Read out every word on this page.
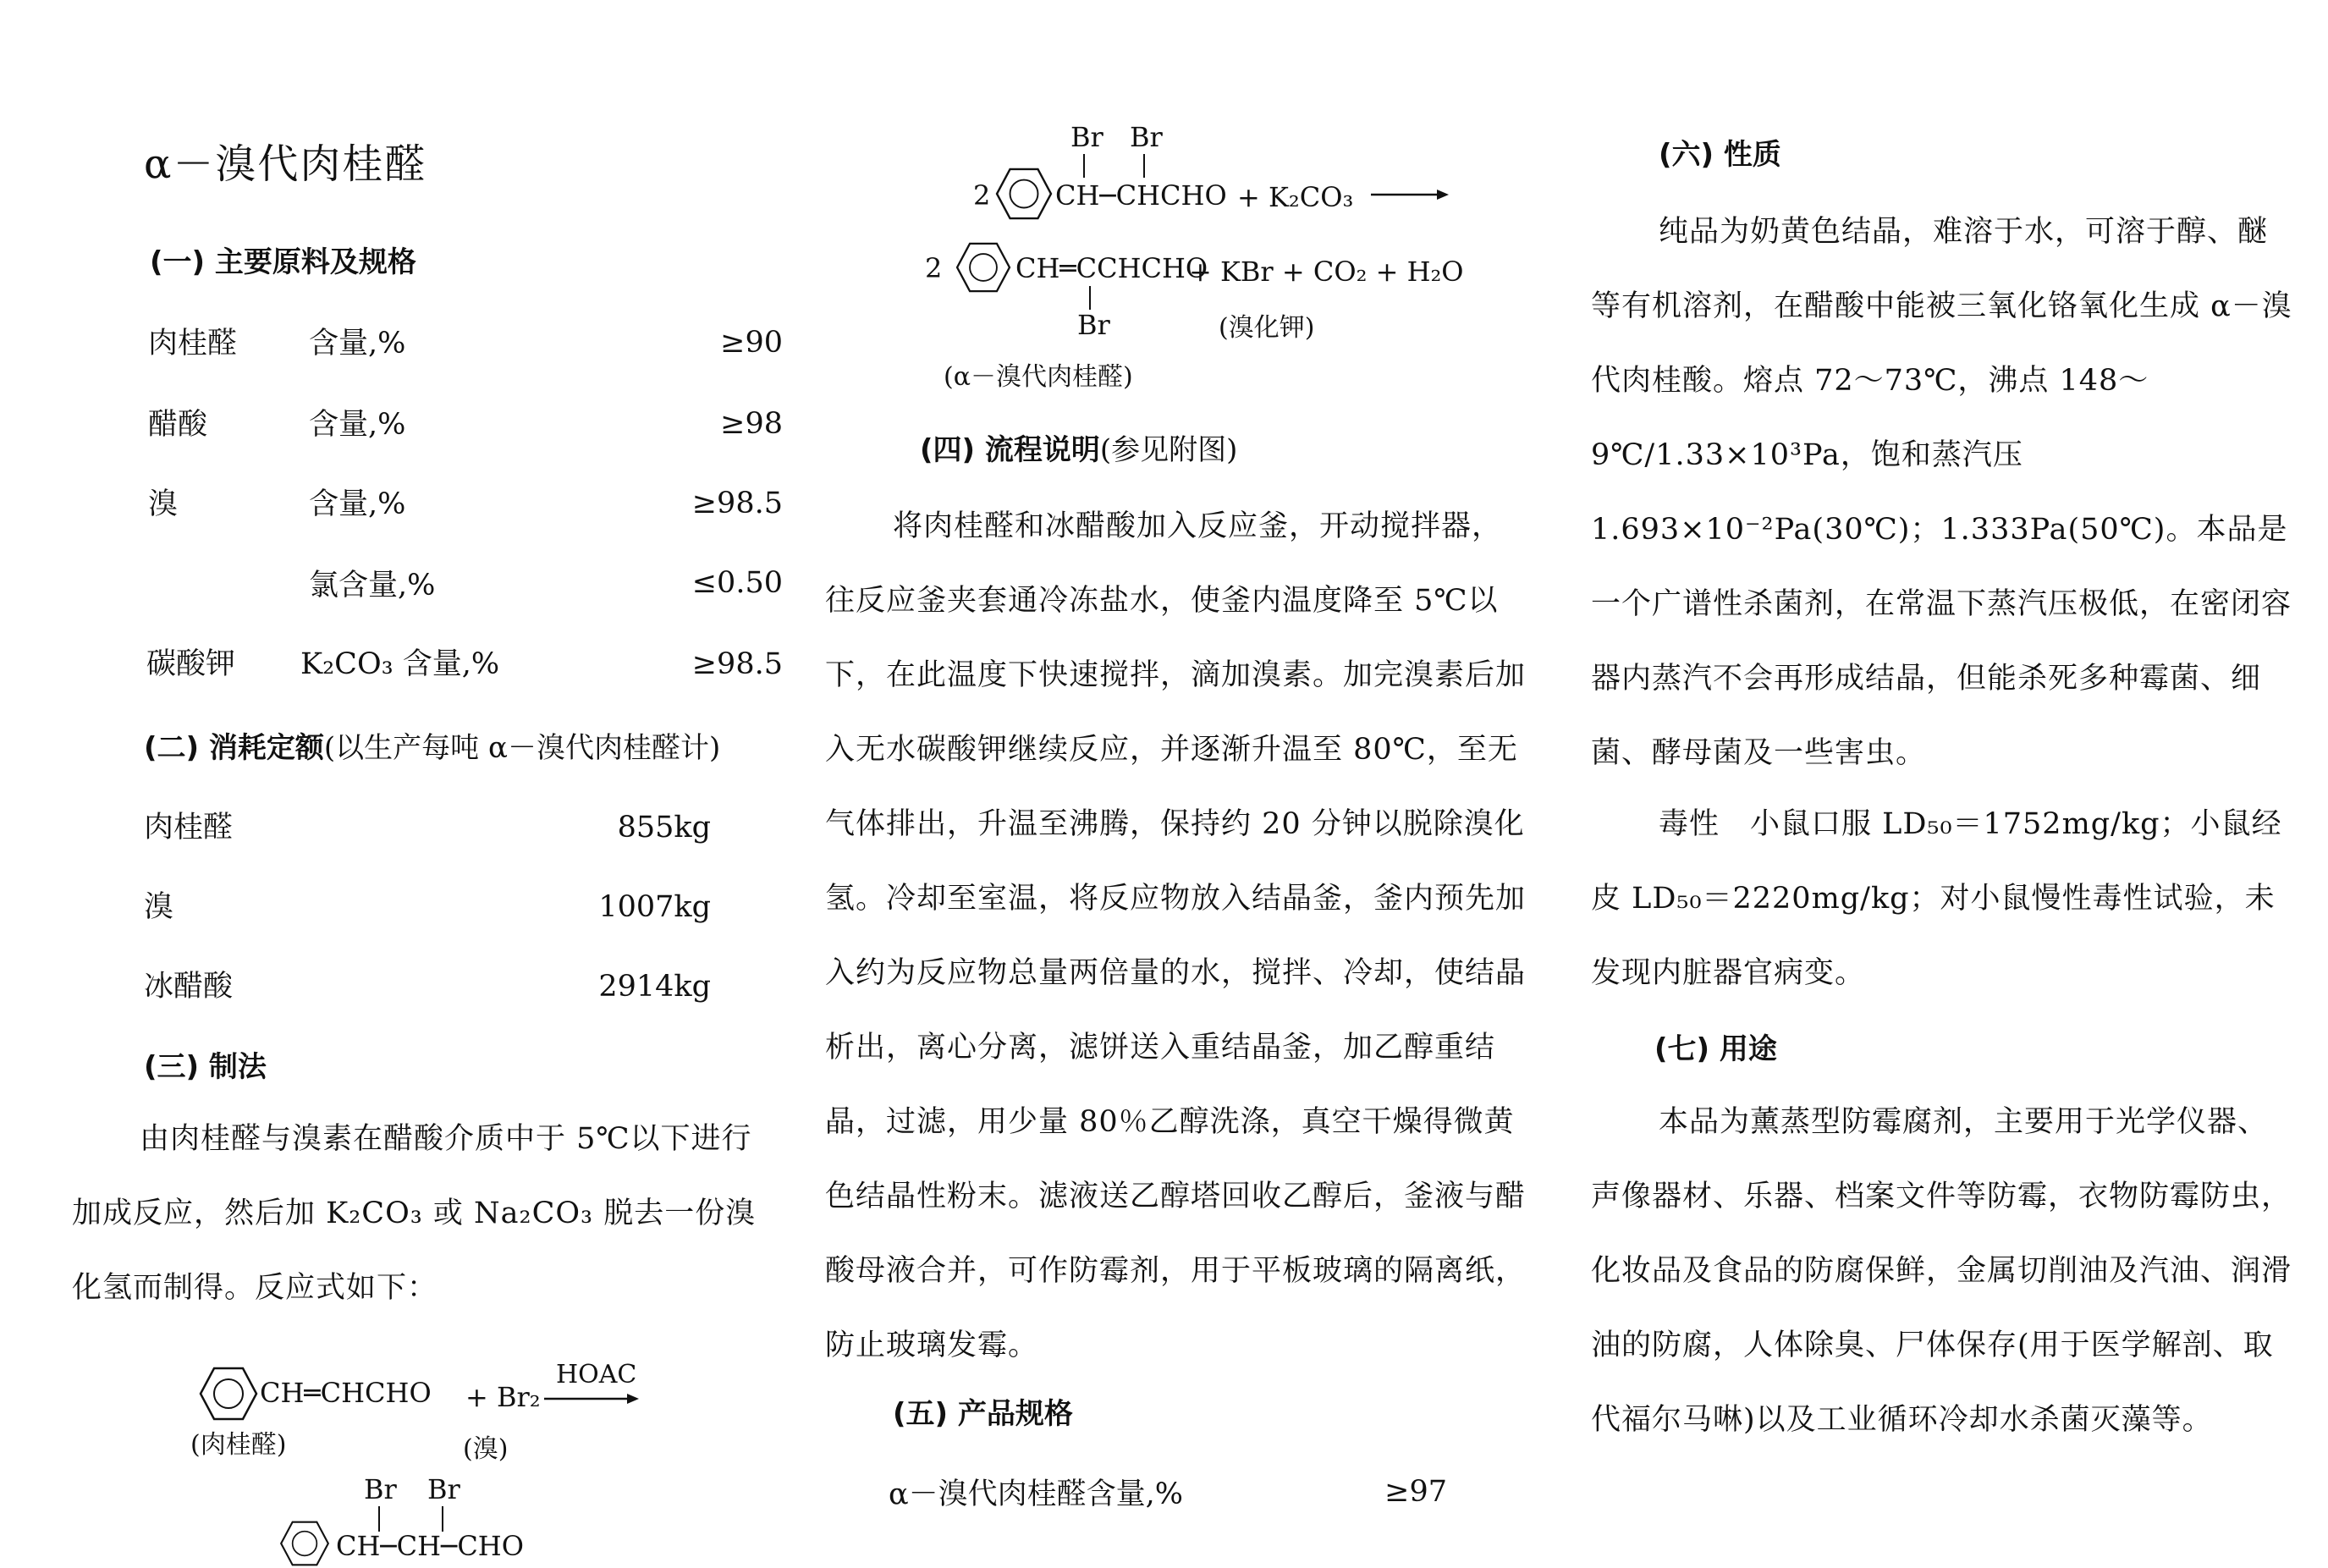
α－溴代肉桂醛
(一) 主要原料及规格
肉桂醛 含量,%	≥90
醋酸	含量,%	≥98
溴	含量,%	≥98.5
氯含量,%	≤0.50
碳酸钾 K₂CO₃ 含量,%	≥98.5
(二) 消耗定额(以生产每吨 α－溴代肉桂醛计)
肉桂醛	855kg
溴	1007kg
冰醋酸	2914kg
(三) 制法
由肉桂醛与溴素在醋酸介质中于 5℃以下进行加成反应，然后加 K₂CO₃ 或 Na₂CO₃ 脱去一份溴化氢而制得。反应式如下：
CH═CHCHO + Br₂
HOAC
(肉桂醛)	(溴)
Br Br
CH─CH─CHO
Br Br
2 CH─CHCHO + K₂CO₃
2	CH═CCHCHO
+ KBr + CO₂ + H₂O
Br	(溴化钾)
(α－溴代肉桂醛)
(四) 流程说明(参见附图)
将肉桂醛和冰醋酸加入反应釜，开动搅拌器，往反应釜夹套通冷冻盐水，使釜内温度降至 5℃以下，在此温度下快速搅拌，滴加溴素。加完溴素后加入无水碳酸钾继续反应，并逐渐升温至 80℃，至无气体排出，升温至沸腾，保持约 20 分钟以脱除溴化氢。冷却至室温，将反应物放入结晶釜，釜内预先加入约为反应物总量两倍量的水，搅拌、冷却，使结晶析出，离心分离，滤饼送入重结晶釜，加乙醇重结晶，过滤，用少量 80％乙醇洗涤，真空干燥得微黄色结晶性粉末。滤液送乙醇塔回收乙醇后，釜液与醋酸母液合并，可作防霉剂，用于平板玻璃的隔离纸，防止玻璃发霉。
(五) 产品规格
α－溴代肉桂醛含量,%	≥97
(六) 性质
纯品为奶黄色结晶，难溶于水，可溶于醇、醚等有机溶剂，在醋酸中能被三氧化铬氧化生成 α－溴代肉桂酸。熔点 72～73℃，沸点 148～9℃/1.33×10³Pa，饱和蒸汽压 1.693×10⁻²Pa(30℃)；1.333Pa(50℃)。本品是一个广谱性杀菌剂，在常温下蒸汽压极低，在密闭容器内蒸汽不会再形成结晶，但能杀死多种霉菌、细菌、酵母菌及一些害虫。
毒性　小鼠口服 LD₅₀＝1752mg/kg；小鼠经皮 LD₅₀＝2220mg/kg；对小鼠慢性毒性试验，未发现内脏器官病变。
(七) 用途
本品为薰蒸型防霉腐剂，主要用于光学仪器、声像器材、乐器、档案文件等防霉，衣物防霉防虫，化妆品及食品的防腐保鲜，金属切削油及汽油、润滑油的防腐，人体除臭、尸体保存(用于医学解剖、取代福尔马啉)以及工业循环冷却水杀菌灭藻等。
